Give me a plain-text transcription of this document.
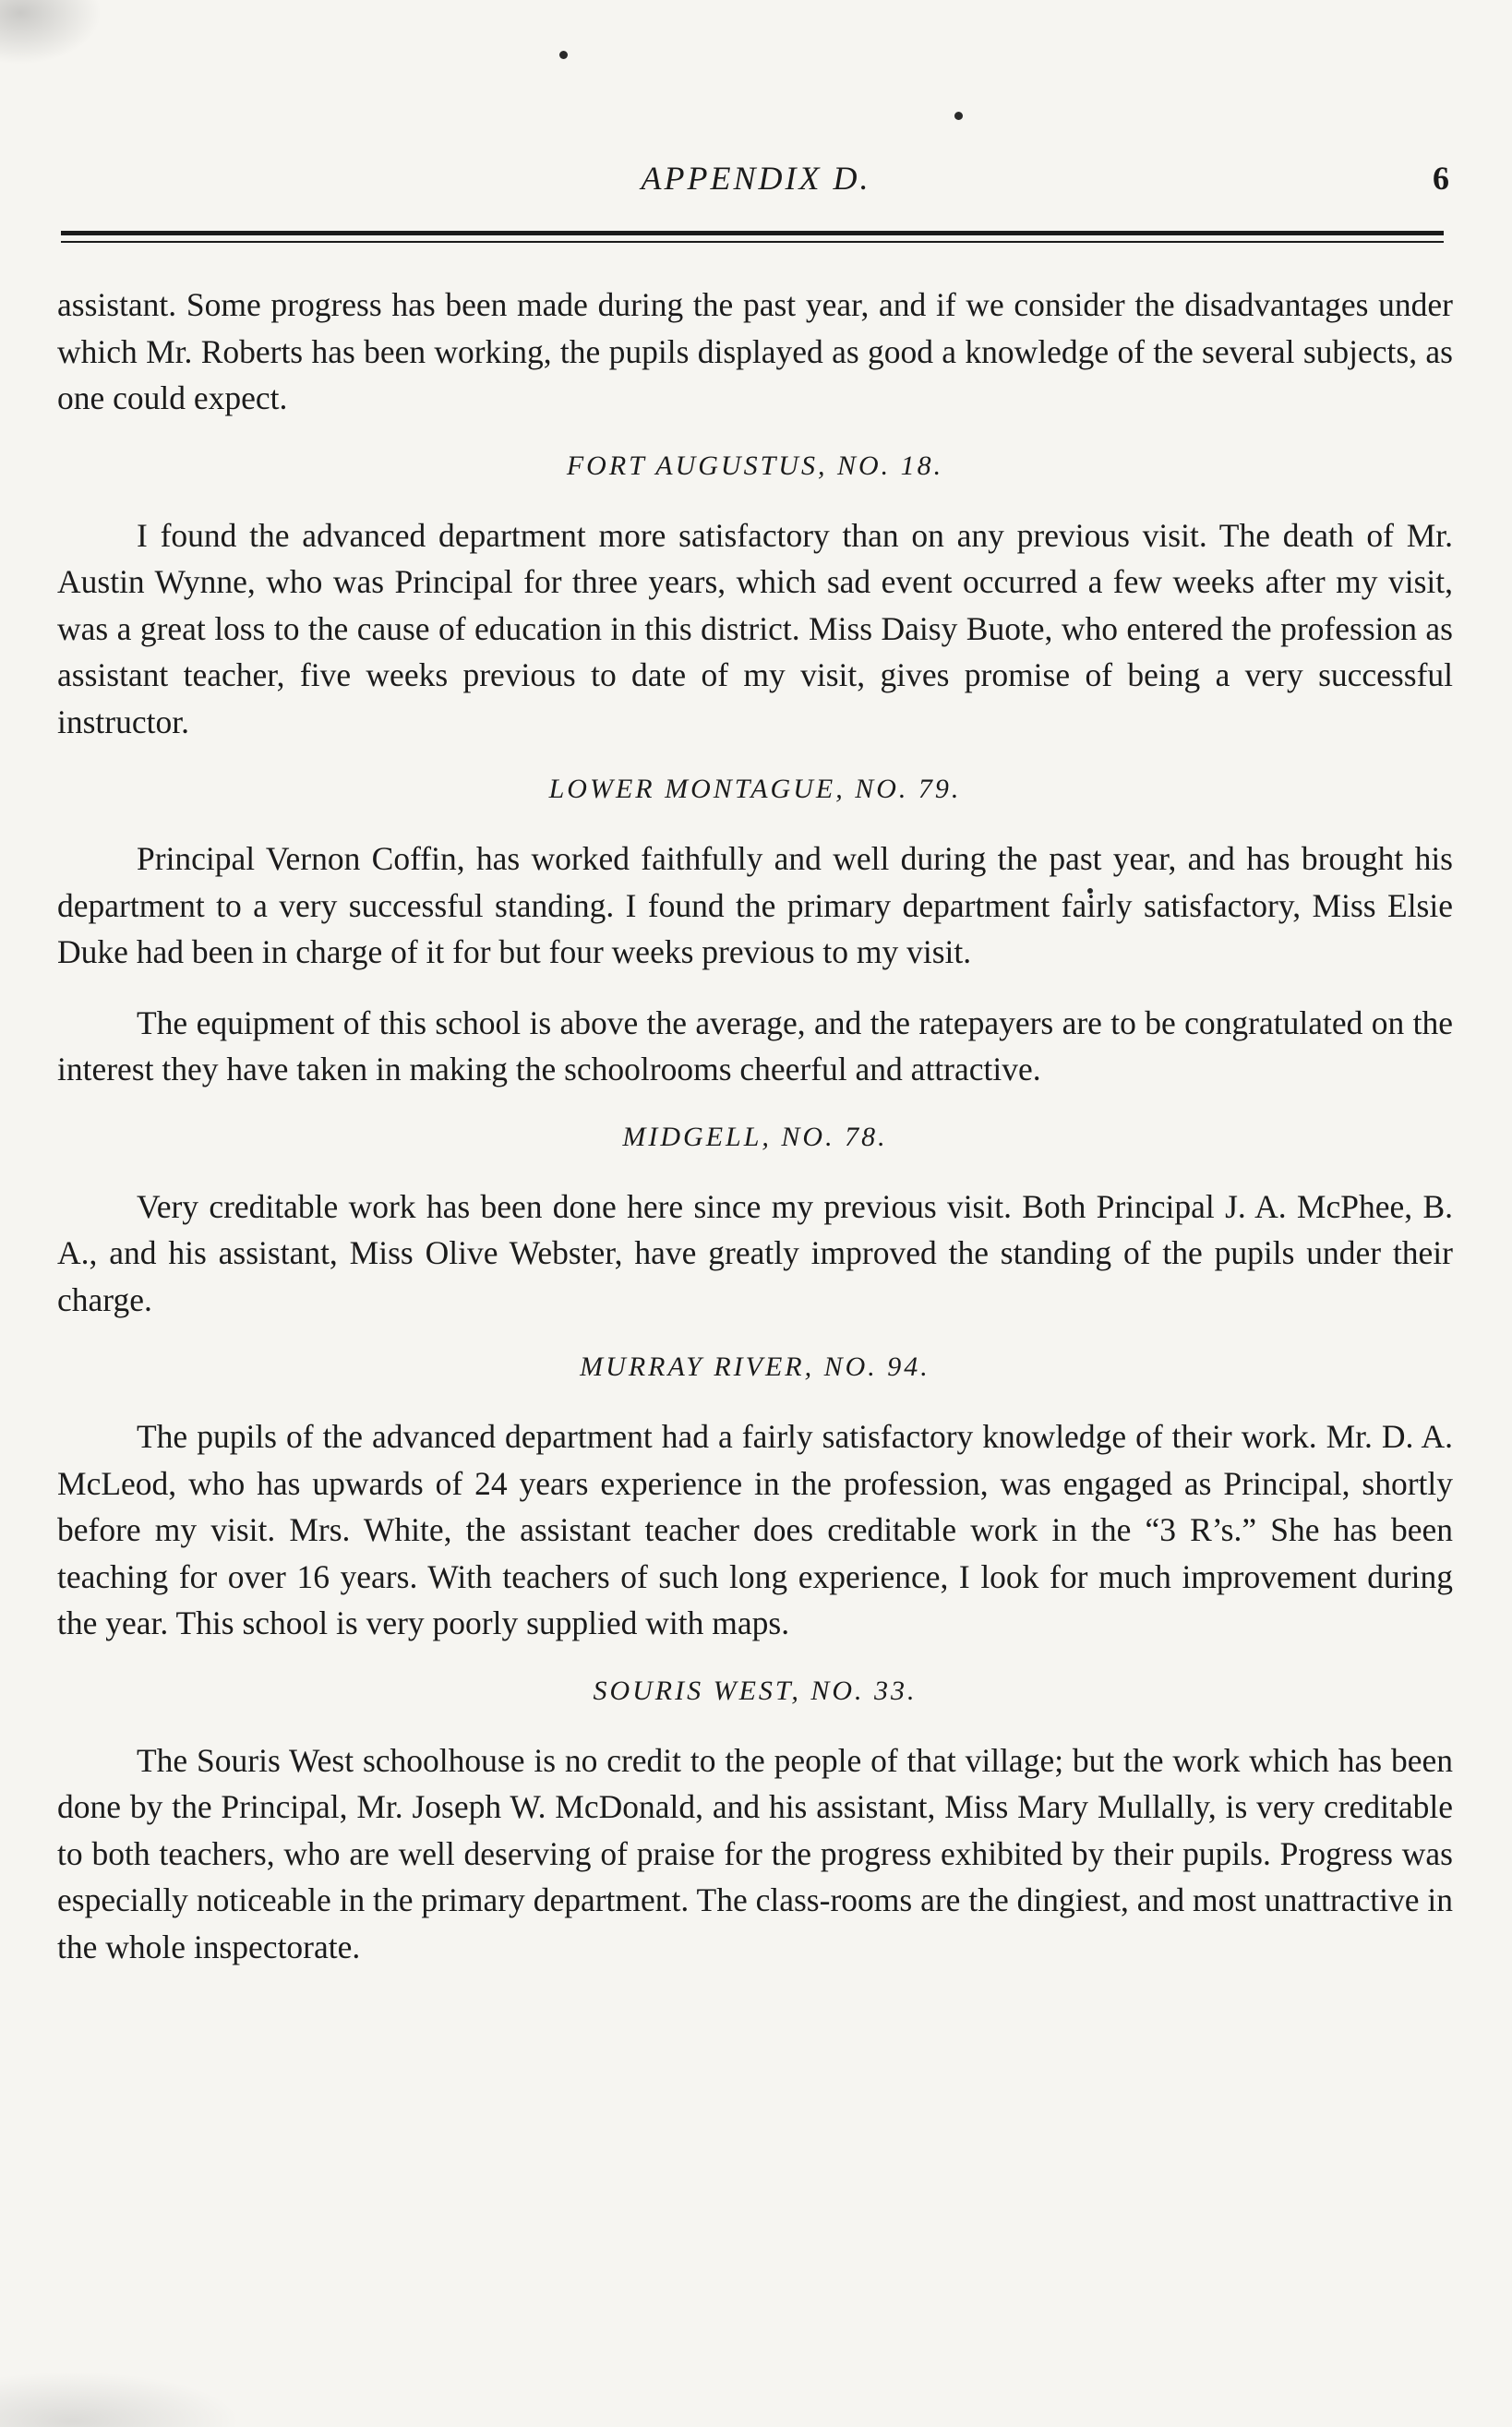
APPENDIX D.	6

assistant. Some progress has been made during the past year, and if we consider the disadvantages under which Mr. Roberts has been working, the pupils displayed as good a knowledge of the several subjects, as one could expect.

FORT AUGUSTUS, NO. 18.

I found the advanced department more satisfactory than on any previous visit. The death of Mr. Austin Wynne, who was Principal for three years, which sad event occurred a few weeks after my visit, was a great loss to the cause of education in this district. Miss Daisy Buote, who entered the profession as assistant teacher, five weeks previous to date of my visit, gives promise of being a very successful instructor.

LOWER MONTAGUE, NO. 79.

Principal Vernon Coffin, has worked faithfully and well during the past year, and has brought his department to a very successful standing. I found the primary department fairly satisfactory, Miss Elsie Duke had been in charge of it for but four weeks previous to my visit.

The equipment of this school is above the average, and the ratepayers are to be congratulated on the interest they have taken in making the schoolrooms cheerful and attractive.

MIDGELL, NO. 78.

Very creditable work has been done here since my previous visit. Both Principal J. A. McPhee, B. A., and his assistant, Miss Olive Webster, have greatly improved the standing of the pupils under their charge.

MURRAY RIVER, NO. 94.

The pupils of the advanced department had a fairly satisfactory knowledge of their work. Mr. D. A. McLeod, who has upwards of 24 years experience in the profession, was engaged as Principal, shortly before my visit. Mrs. White, the assistant teacher does creditable work in the “3 R’s.” She has been teaching for over 16 years. With teachers of such long experience, I look for much improvement during the year. This school is very poorly supplied with maps.

SOURIS WEST, NO. 33.

The Souris West schoolhouse is no credit to the people of that village; but the work which has been done by the Principal, Mr. Joseph W. McDonald, and his assistant, Miss Mary Mullally, is very creditable to both teachers, who are well deserving of praise for the progress exhibited by their pupils. Progress was especially noticeable in the primary department. The class-rooms are the dingiest, and most unattractive in the whole inspectorate.
